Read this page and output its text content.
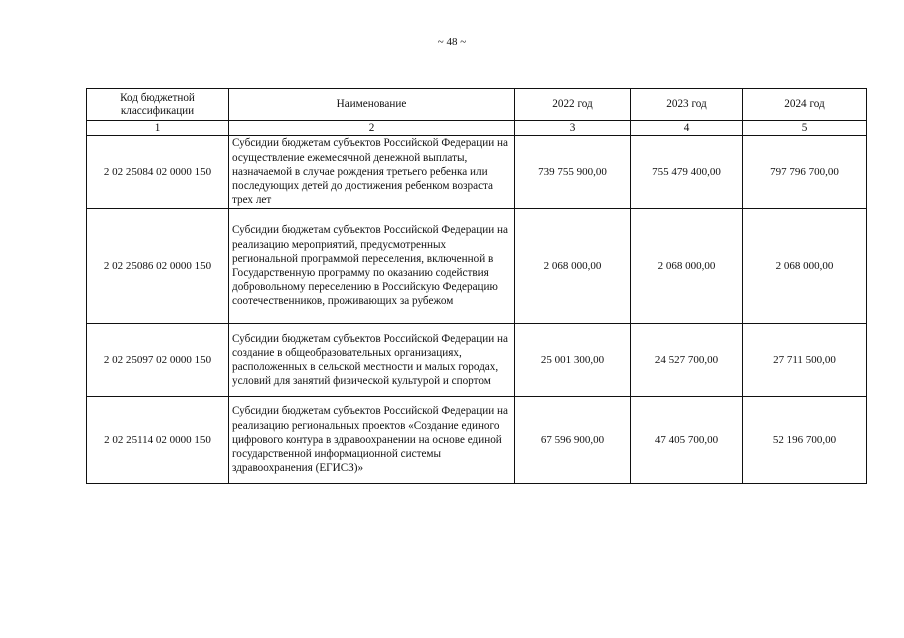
~ 48 ~
Код бюджетной классификации	Наименование	2022 год	2023 год	2024 год
1	2	3	4	5
2 02 25084 02 0000 150	Субсидии бюджетам субъектов Российской Федерации на осуществление ежемесячной денежной выплаты, назначаемой в случае рождения третьего ребенка или последующих детей до достижения ребенком возраста трех лет	739 755 900,00	755 479 400,00	797 796 700,00
2 02 25086 02 0000 150	Субсидии бюджетам субъектов Российской Федерации на реализацию мероприятий, предусмотренных региональной программой переселения, включенной в Государственную программу по оказанию содействия добровольному переселению в Российскую Федерацию соотечественников, проживающих за рубежом	2 068 000,00	2 068 000,00	2 068 000,00
2 02 25097 02 0000 150	Субсидии бюджетам субъектов Российской Федерации на создание в общеобразовательных организациях, расположенных в сельской местности и малых городах, условий для занятий физической культурой и спортом	25 001 300,00	24 527 700,00	27 711 500,00
2 02 25114 02 0000 150	Субсидии бюджетам субъектов Российской Федерации на реализацию региональных проектов «Создание единого цифрового контура в здравоохранении на основе единой государственной информационной системы здравоохранения (ЕГИСЗ)»	67 596 900,00	47 405 700,00	52 196 700,00
